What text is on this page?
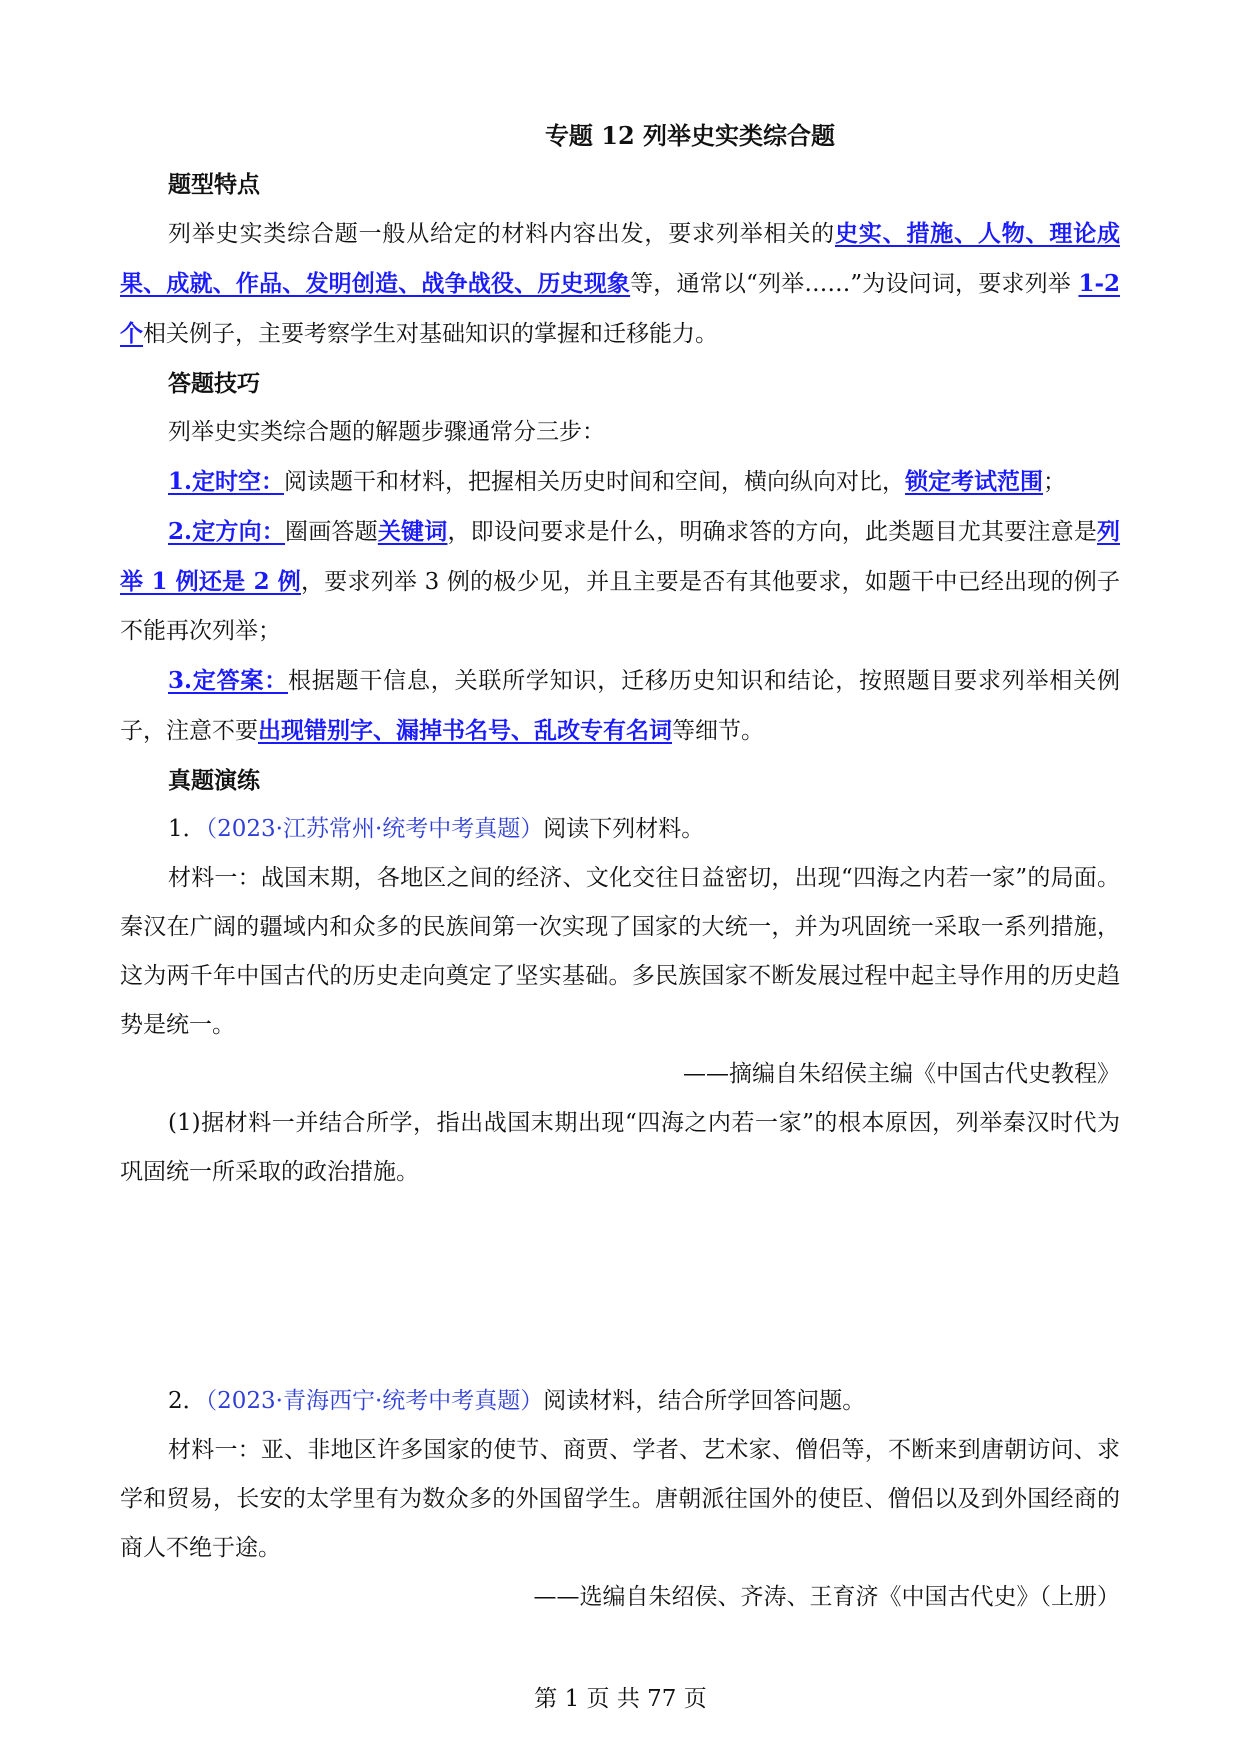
专题 12 列举史实类综合题
题型特点

列举史实类综合题一般从给定的材料内容出发，要求列举相关的史实、措施、人物、理论成果、成就、作品、发明创造、战争战役、历史现象等，通常以“列举……”为设问词，要求列举 1-2 个相关例子，主要考察学生对基础知识的掌握和迁移能力。

答题技巧

列举史实类综合题的解题步骤通常分三步：

1.定时空：阅读题干和材料，把握相关历史时间和空间，横向纵向对比，锁定考试范围；

2.定方向：圈画答题关键词，即设问要求是什么，明确求答的方向，此类题目尤其要注意是列举 1 例还是 2 例，要求列举 3 例的极少见，并且主要是否有其他要求，如题干中已经出现的例子不能再次列举；

3.定答案：根据题干信息，关联所学知识，迁移历史知识和结论，按照题目要求列举相关例子，注意不要出现错别字、漏掉书名号、乱改专有名词等细节。

真题演练

1．（2023·江苏常州·统考中考真题）阅读下列材料。

材料一：战国末期，各地区之间的经济、文化交往日益密切，出现“四海之内若一家”的局面。秦汉在广阔的疆域内和众多的民族间第一次实现了国家的大统一，并为巩固统一采取一系列措施，这为两千年中国古代的历史走向奠定了坚实基础。多民族国家不断发展过程中起主导作用的历史趋势是统一。

——摘编自朱绍侯主编《中国古代史教程》

(1)据材料一并结合所学，指出战国末期出现“四海之内若一家”的根本原因，列举秦汉时代为巩固统一所采取的政治措施。

2．（2023·青海西宁·统考中考真题）阅读材料，结合所学回答问题。

材料一：亚、非地区许多国家的使节、商贾、学者、艺术家、僧侣等，不断来到唐朝访问、求学和贸易，长安的太学里有为数众多的外国留学生。唐朝派往国外的使臣、僧侣以及到外国经商的商人不绝于途。

——选编自朱绍侯、齐涛、王育济《中国古代史》（上册）

第 1 页 共 77 页
